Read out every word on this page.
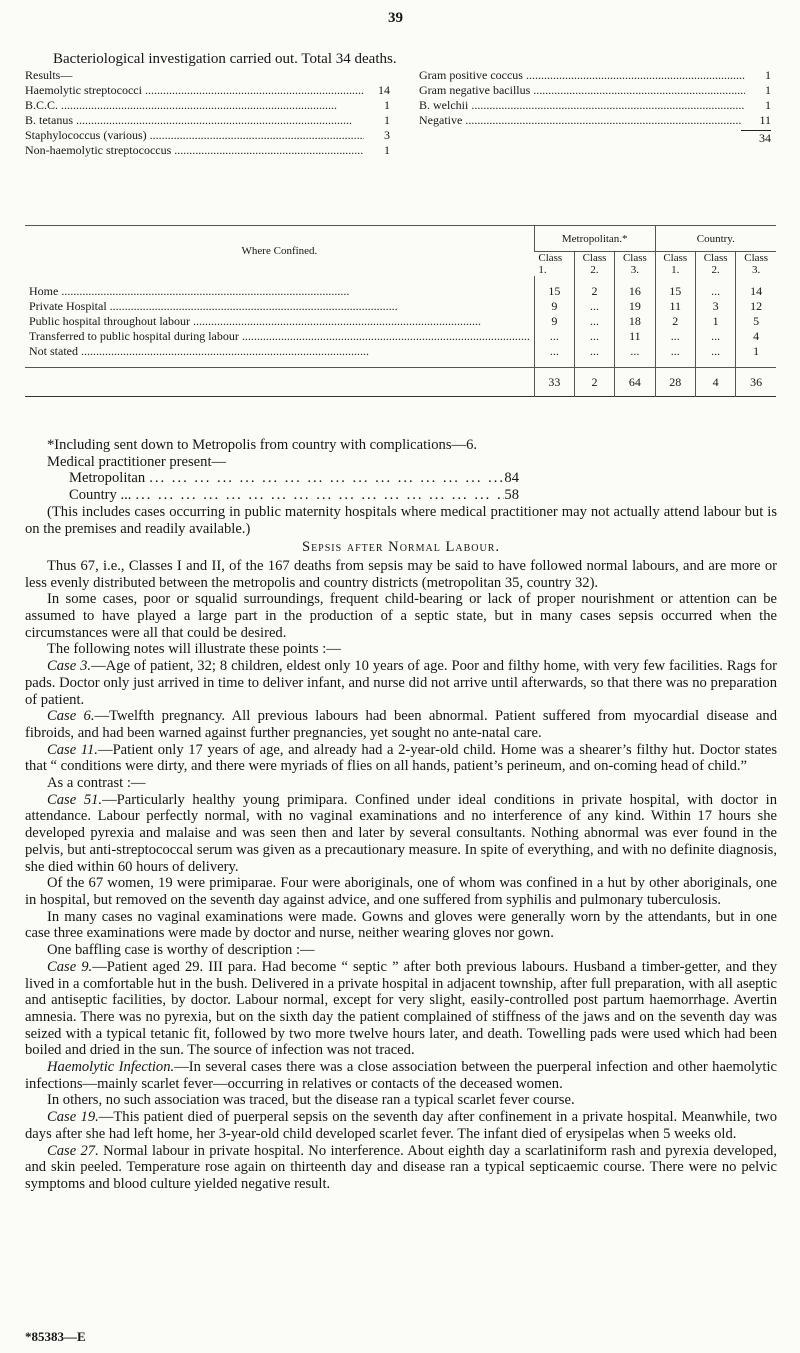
39
Bacteriological investigation carried out. Total 34 deaths.
Results—
Haemolytic streptococci .....	14
B.C.C. .....	1
B. tetanus .....	1
Staphylococcus (various) .....	3
Non-haemolytic streptococcus .....	1
Gram positive coccus .....	1
Gram negative bacillus .....	1
B. welchii .....	1
Negative .....	11
34
Where Confined.	Metropolitan.*			Country.		
	Class 1.	Class 2.	Class 3.	Class 1.	Class 2.	Class 3.
Home .....	15	2	16	15	...	14
Private Hospital .....	9	...	19	11	3	12
Public hospital throughout labour .....	9	...	18	2	1	5
Transferred to public hospital during labour .....	...	...	11	...	...	4
Not stated .....	...	...	...	...	...	1
	33	2	64	28	4	36

*Including sent down to Metropolis from country with complications—6.

Medical practitioner present—

Metropolitan ... .	84
Country ... ... .	58

(This includes cases occurring in public maternity hospitals where medical practitioner may not actually attend labour but is on the premises and readily available.)

Sepsis after Normal Labour.

Thus 67, i.e., Classes I and II, of the 167 deaths from sepsis may be said to have followed normal labours, and are more or less evenly distributed between the metropolis and country districts (metropolitan 35, country 32).

In some cases, poor or squalid surroundings, frequent child-bearing or lack of proper nourishment or attention can be assumed to have played a large part in the production of a septic state, but in many cases sepsis occurred when the circumstances were all that could be desired.

The following notes will illustrate these points :—

Case 3.—Age of patient, 32; 8 children, eldest only 10 years of age. Poor and filthy home, with very few facilities. Rags for pads. Doctor only just arrived in time to deliver infant, and nurse did not arrive until afterwards, so that there was no preparation of patient.

Case 6.—Twelfth pregnancy. All previous labours had been abnormal. Patient suffered from myocardial disease and fibroids, and had been warned against further pregnancies, yet sought no ante-natal care.

Case 11.—Patient only 17 years of age, and already had a 2-year-old child. Home was a shearer’s filthy hut. Doctor states that “ conditions were dirty, and there were myriads of flies on all hands, patient’s perineum, and on-coming head of child.”

As a contrast :—

Case 51.—Particularly healthy young primipara. Confined under ideal conditions in private hospital, with doctor in attendance. Labour perfectly normal, with no vaginal examinations and no interference of any kind. Within 17 hours she developed pyrexia and malaise and was seen then and later by several consultants. Nothing abnormal was ever found in the pelvis, but anti-streptococcal serum was given as a precautionary measure. In spite of everything, and with no definite diagnosis, she died within 60 hours of delivery.

Of the 67 women, 19 were primiparae. Four were aboriginals, one of whom was confined in a hut by other aboriginals, one in hospital, but removed on the seventh day against advice, and one suffered from syphilis and pulmonary tuberculosis.

In many cases no vaginal examinations were made. Gowns and gloves were generally worn by the attendants, but in one case three examinations were made by doctor and nurse, neither wearing gloves nor gown.

One baffling case is worthy of description :—

Case 9.—Patient aged 29. III para. Had become “ septic ” after both previous labours. Husband a timber-getter, and they lived in a comfortable hut in the bush. Delivered in a private hospital in adjacent township, after full preparation, with all aseptic and antiseptic facilities, by doctor. Labour normal, except for very slight, easily-controlled post partum haemorrhage. Avertin amnesia. There was no pyrexia, but on the sixth day the patient complained of stiffness of the jaws and on the seventh day was seized with a typical tetanic fit, followed by two more twelve hours later, and death. Towelling pads were used which had been boiled and dried in the sun. The source of infection was not traced.

Haemolytic Infection.—In several cases there was a close association between the puerperal infection and other haemolytic infections—mainly scarlet fever—occurring in relatives or contacts of the deceased women.

In others, no such association was traced, but the disease ran a typical scarlet fever course.

Case 19.—This patient died of puerperal sepsis on the seventh day after confinement in a private hospital. Meanwhile, two days after she had left home, her 3-year-old child developed scarlet fever. The infant died of erysipelas when 5 weeks old.

Case 27. Normal labour in private hospital. No interference. About eighth day a scarlatiniform rash and pyrexia developed, and skin peeled. Temperature rose again on thirteenth day and disease ran a typical septicaemic course. There were no pelvic symptoms and blood culture yielded negative result.

*85383—E
